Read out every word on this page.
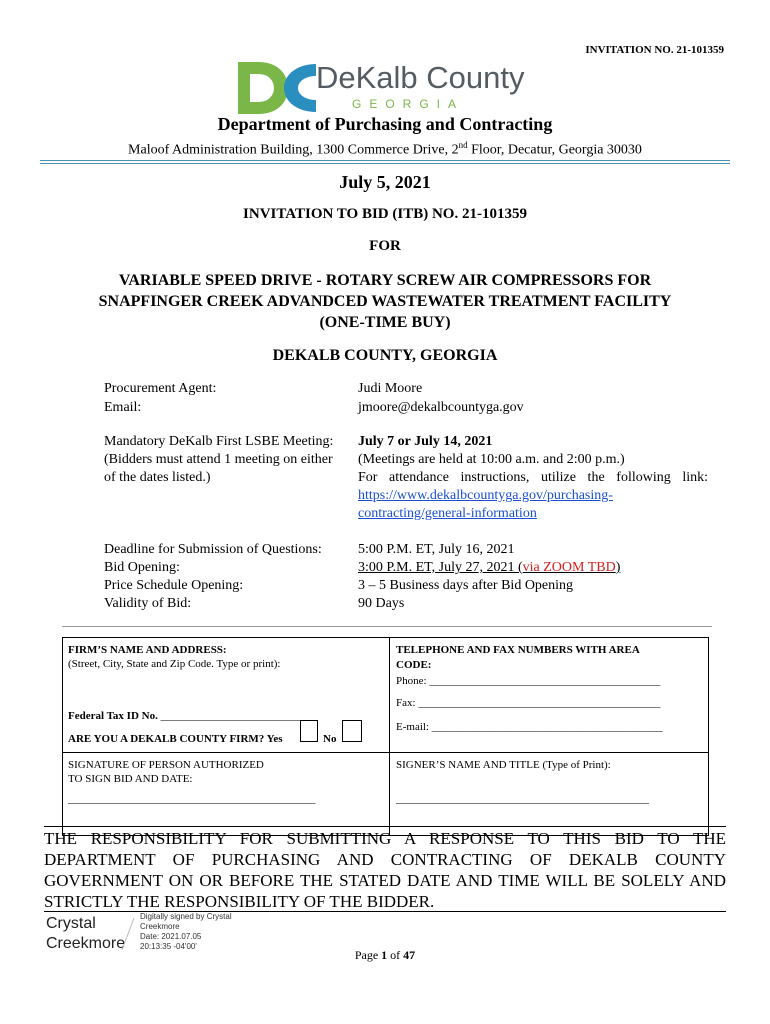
INVITATION NO. 21-101359
DeKalb County
GEORGIA
Department of Purchasing and Contracting
Maloof Administration Building, 1300 Commerce Drive, 2nd Floor, Decatur, Georgia 30030
July 5, 2021
INVITATION TO BID (ITB) NO. 21-101359
FOR
VARIABLE SPEED DRIVE - ROTARY SCREW AIR COMPRESSORS FOR
SNAPFINGER CREEK ADVANDCED WASTEWATER TREATMENT FACILITY
(ONE-TIME BUY)
DEKALB COUNTY, GEORGIA
Procurement Agent:	Judi Moore
Email:	jmoore@dekalbcountyga.gov
Mandatory DeKalb First LSBE Meeting:
(Bidders must attend 1 meeting on either
of the dates listed.)
July 7 or July 14, 2021
(Meetings are held at 10:00 a.m. and 2:00 p.m.)
For attendance instructions, utilize the following link:
https://www.dekalbcountyga.gov/purchasing-
contracting/general-information
Deadline for Submission of Questions:	5:00 P.M. ET, July 16, 2021
Bid Opening:	3:00 P.M. ET, July 27, 2021 (via ZOOM TBD)
Price Schedule Opening:	3 – 5 Business days after Bid Opening
Validity of Bid:	90 Days
FIRM’S NAME AND ADDRESS:
(Street, City, State and Zip Code. Type or print):
Federal Tax ID No. ___________________________
ARE YOU A DEKALB COUNTY FIRM? Yes	No
TELEPHONE AND FAX NUMBERS WITH AREA
CODE:
Phone: __________________________________________
Fax: ____________________________________________
E-mail: __________________________________________
SIGNATURE OF PERSON AUTHORIZED
TO SIGN BID AND DATE:
_____________________________________________
SIGNER’S NAME AND TITLE (Type of Print):
______________________________________________
THE RESPONSIBILITY FOR SUBMITTING A RESPONSE TO THIS BID TO THE DEPARTMENT OF PURCHASING AND CONTRACTING OF DEKALB COUNTY GOVERNMENT ON OR BEFORE THE STATED DATE AND TIME WILL BE SOLELY AND STRICTLY THE RESPONSIBILITY OF THE BIDDER.
Crystal
Creekmore
Digitally signed by Crystal
Creekmore
Date: 2021.07.05
20:13:35 -04'00'
Page 1 of 47
